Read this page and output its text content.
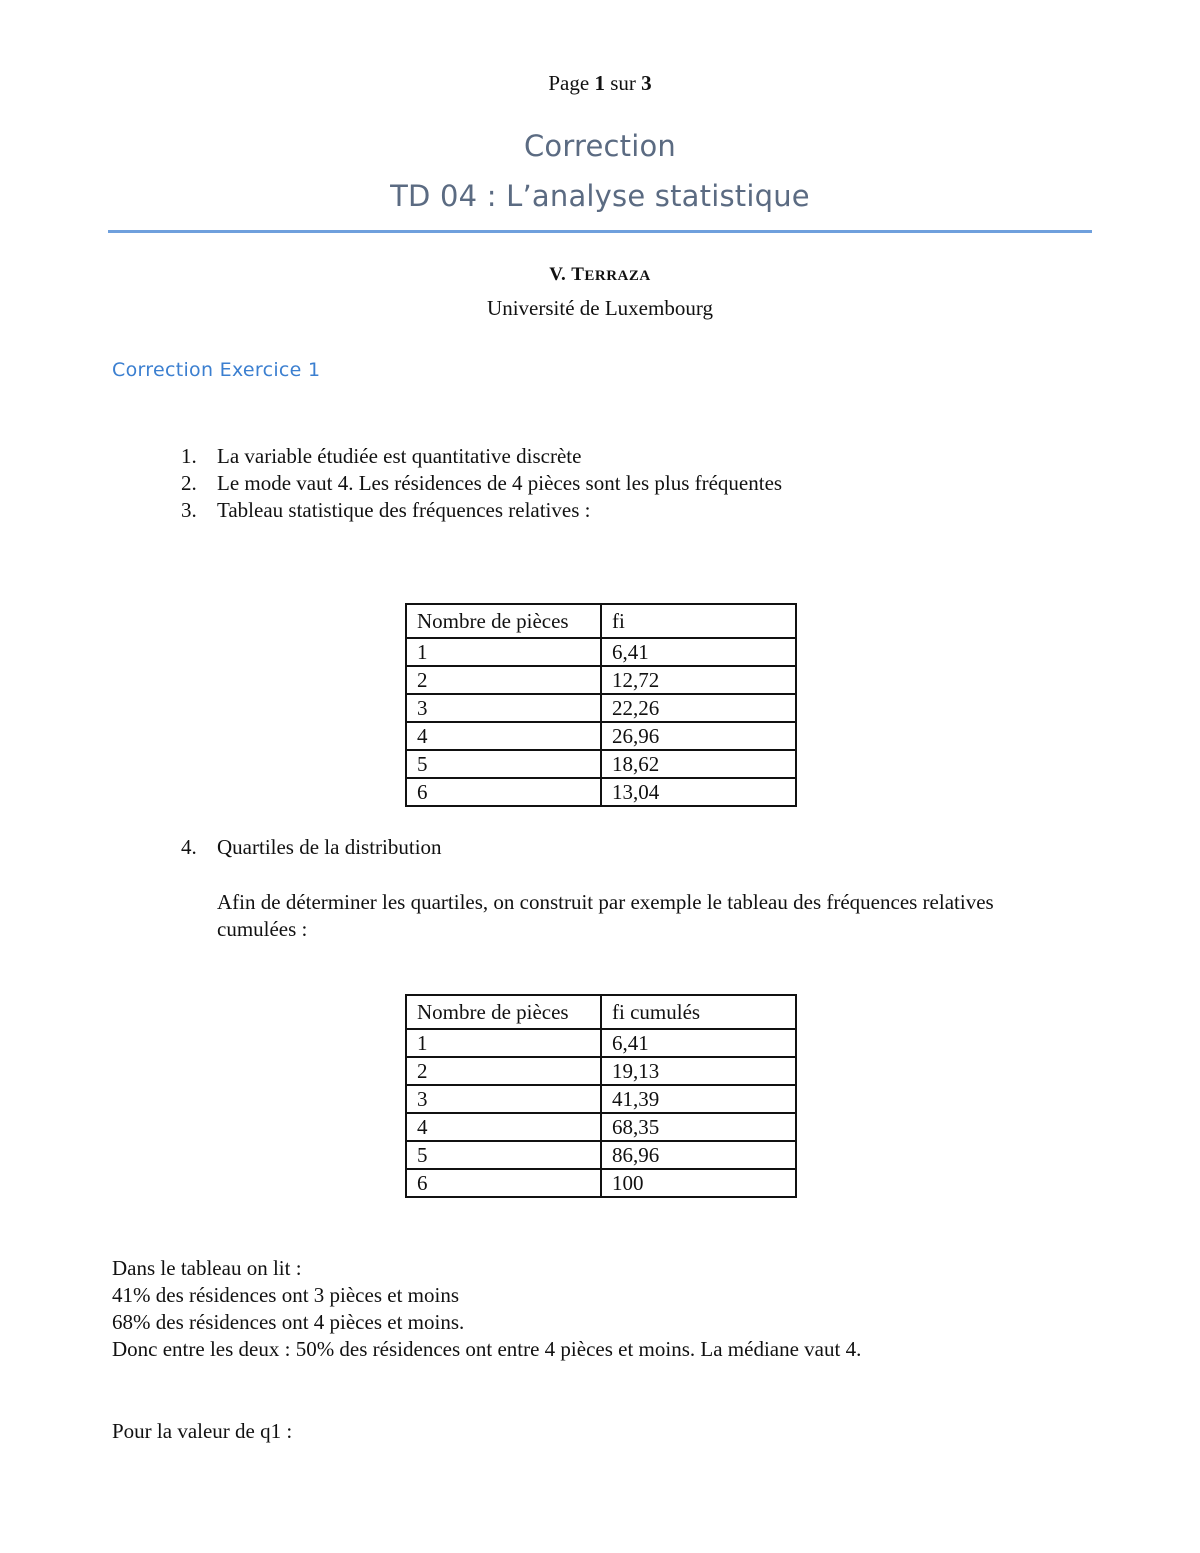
Page 1 sur 3
Correction
TD 04 : L’analyse statistique
V. TERRAZA
Université de Luxembourg
Correction Exercice 1
1. La variable étudiée est quantitative discrète
2. Le mode vaut 4. Les résidences de 4 pièces sont les plus fréquentes
3. Tableau statistique des fréquences relatives :
Nombre de pièces	fi
1	6,41
2	12,72
3	22,26
4	26,96
5	18,62
6	13,04
4. Quartiles de la distribution
Afin de déterminer les quartiles, on construit par exemple le tableau des fréquences relatives
cumulées :
Nombre de pièces	fi cumulés
1	6,41
2	19,13
3	41,39
4	68,35
5	86,96
6	100
Dans le tableau on lit :
41% des résidences ont 3 pièces et moins
68% des résidences ont 4 pièces et moins.
Donc entre les deux : 50% des résidences ont entre 4 pièces et moins. La médiane vaut 4.
Pour la valeur de q1 :
